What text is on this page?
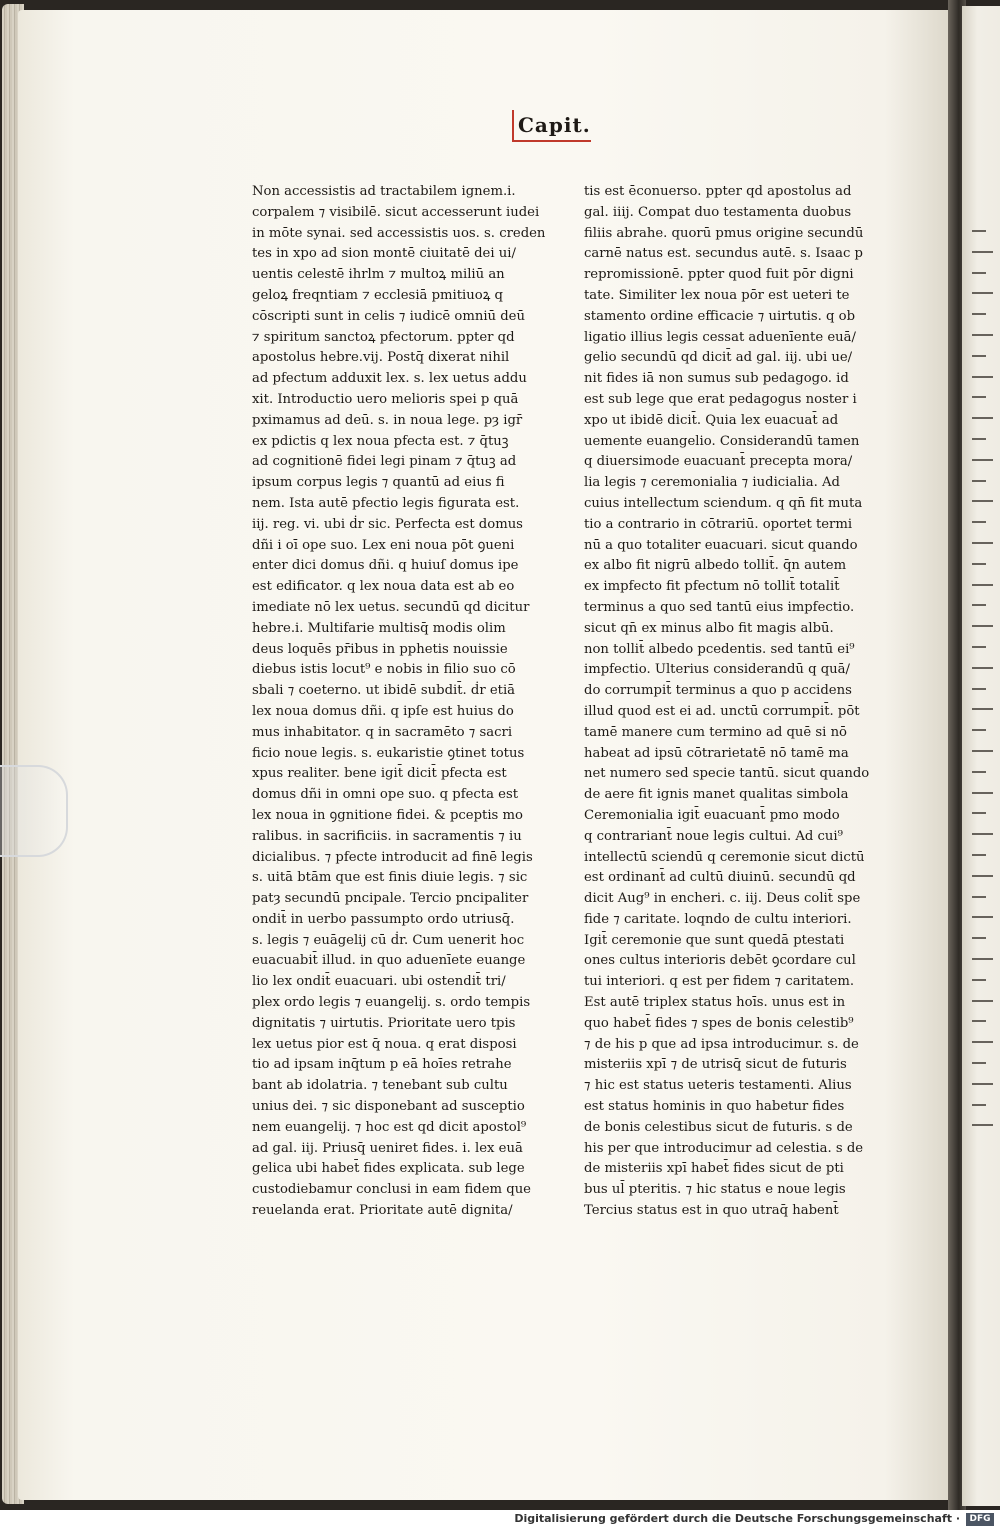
Capit.
Non accessistis ad tractabilem ignem.i.
corpalem ⁊ visibilē. sicut accesserunt iudei
in mōte synai. sed accessistis uos. s. creden
tes in xpo ad sion montē ciuitatē dei ui/
uentis celestē ihrlm ⁊ multoꝝ miliū an
geloꝝ freqntiam ⁊ ecclesiā pmitiuoꝝ q
cōscripti sunt in celis ⁊ iudicē omniū deū
⁊ spiritum sanctoꝝ pfectorum. ppter qd
apostolus hebre.vij. Postq̄ dixerat nihil
ad pfectum adduxit lex. s. lex uetus addu
xit. Introductio uero melioris spei p quā
pximamus ad deū. s. in noua lege. pȝ igr̄
ex pdictis q lex noua pfecta est. ⁊ q̄tuꝫ
ad cognitionē fidei legi pinam ⁊ q̄tuꝫ ad
ipsum corpus legis ⁊ quantū ad eius fi
nem. Ista autē pfectio legis figurata est.
iij. reg. vi. ubi ḋr sic. Perfecta est domus
dñi i oī ope suo. Lex eni noua pōt ꝯueni
enter dici domus dñi. q huiuſ domus ipe
est edificator. q lex noua data est ab eo
imediate nō lex uetus. secundū qd dicitur
hebre.i. Multifarie multisq̄ modis olim
deus loquēs pr̄ibus in pphetis nouissie
diebus istis locut⁹ e nobis in filio suo cō
sbali ⁊ coeterno. ut ibidē subdit̄. ḋr etiā
lex noua domus dñi. q ipſe est huius do
mus inhabitator. q in sacramēto ⁊ sacri
ficio noue legis. s. eukaristie ꝯtinet totus
xpus realiter. bene igit̄ dicit̄ pfecta est
domus dñi in omni ope suo. q pfecta est
lex noua in ꝯgnitione fidei. & pceptis mo
ralibus. in sacrificiis. in sacramentis ⁊ iu
dicialibus. ⁊ pfecte introducit ad finē legis
s. uitā btām que est finis diuie legis. ⁊ sic
patȝ secundū pncipale. Tercio pncipaliter
ondit̄ in uerbo passumpto ordo utriusq̄.
s. legis ⁊ euāgelij cū ḋr. Cum uenerit hoc
euacuabit̄ illud. in quo aduenīete euange
lio lex ondit̄ euacuari. ubi ostendit̄ tri/
plex ordo legis ⁊ euangelij. s. ordo tempis
dignitatis ⁊ uirtutis. Prioritate uero tpis
lex uetus pior est q̄ noua. q erat disposi
tio ad ipsam inq̄tum p eā hoīes retrahe
bant ab idolatria. ⁊ tenebant sub cultu
unius dei. ⁊ sic disponebant ad susceptio
nem euangelij. ⁊ hoc est qd dicit apostol⁹
ad gal. iij. Priusq̄ ueniret fides. i. lex euā
gelica ubi habet̄ fides explicata. sub lege
custodiebamur conclusi in eam fidem que
reuelanda erat. Prioritate autē dignita/
tis est ēconuerso. ppter qd apostolus ad
gal. iiij. Compat duo testamenta duobus
filiis abrahe. quorū pmus origine secundū
carnē natus est. secundus autē. s. Isaac p
repromissionē. ppter quod fuit pōr digni
tate. Similiter lex noua pōr est ueteri te
stamento ordine efficacie ⁊ uirtutis. q ob
ligatio illius legis cessat aduenīente euā/
gelio secundū qd dicit̄ ad gal. iij. ubi ue/
nit fides iā non sumus sub pedagogo. id
est sub lege que erat pedagogus noster i
xpo ut ibidē dicit̄. Quia lex euacuat̄ ad
uemente euangelio. Considerandū tamen
q diuersimode euacuant̄ precepta mora/
lia legis ⁊ ceremonialia ⁊ iudicialia. Ad
cuius intellectum sciendum. q qn̄ fit muta
tio a contrario in cōtrariū. oportet termi
nū a quo totaliter euacuari. sicut quando
ex albo fit nigrū albedo tollit̄. q̄n autem
ex impfecto fit pfectum nō tollit̄ totalit̄
terminus a quo sed tantū eius impfectio.
sicut qn̄ ex minus albo fit magis albū.
non tollit̄ albedo pcedentis. sed tantū ei⁹
impfectio. Ulterius considerandū q quā/
do corrumpit̄ terminus a quo p accidens
illud quod est ei ad. unctū corrumpit̄. pōt
tamē manere cum termino ad quē si nō
habeat ad ipsū cōtrarietatē nō tamē ma
net numero sed specie tantū. sicut quando
de aere fit ignis manet qualitas simbola
Ceremonialia igit̄ euacuant̄ pmo modo
q contrariant̄ noue legis cultui. Ad cui⁹
intellectū sciendū q ceremonie sicut dictū
est ordinant̄ ad cultū diuinū. secundū qd
dicit Aug⁹ in encheri. c. iij. Deus colit̄ spe
fide ⁊ caritate. loqndo de cultu interiori.
Igit̄ ceremonie que sunt quedā ptestati
ones cultus interioris debēt ꝯcordare cul
tui interiori. q est per fidem ⁊ caritatem.
Est autē triplex status hoīs. unus est in
quo habet̄ fides ⁊ spes de bonis celestib⁹
⁊ de his p que ad ipsa introducimur. s. de
misteriis xpī ⁊ de utrisq̄ sicut de futuris
⁊ hic est status ueteris testamenti. Alius
est status hominis in quo habetur fides
de bonis celestibus sicut de futuris. s de
his per que introducimur ad celestia. s de
de misteriis xpī habet̄ fides sicut de pti
bus ul̄ pteritis. ⁊ hic status e noue legis
Tercius status est in quo utraq̄ habent̄
Digitalisierung gefördert durch die Deutsche Forschungsgemeinschaft ·	DFG
